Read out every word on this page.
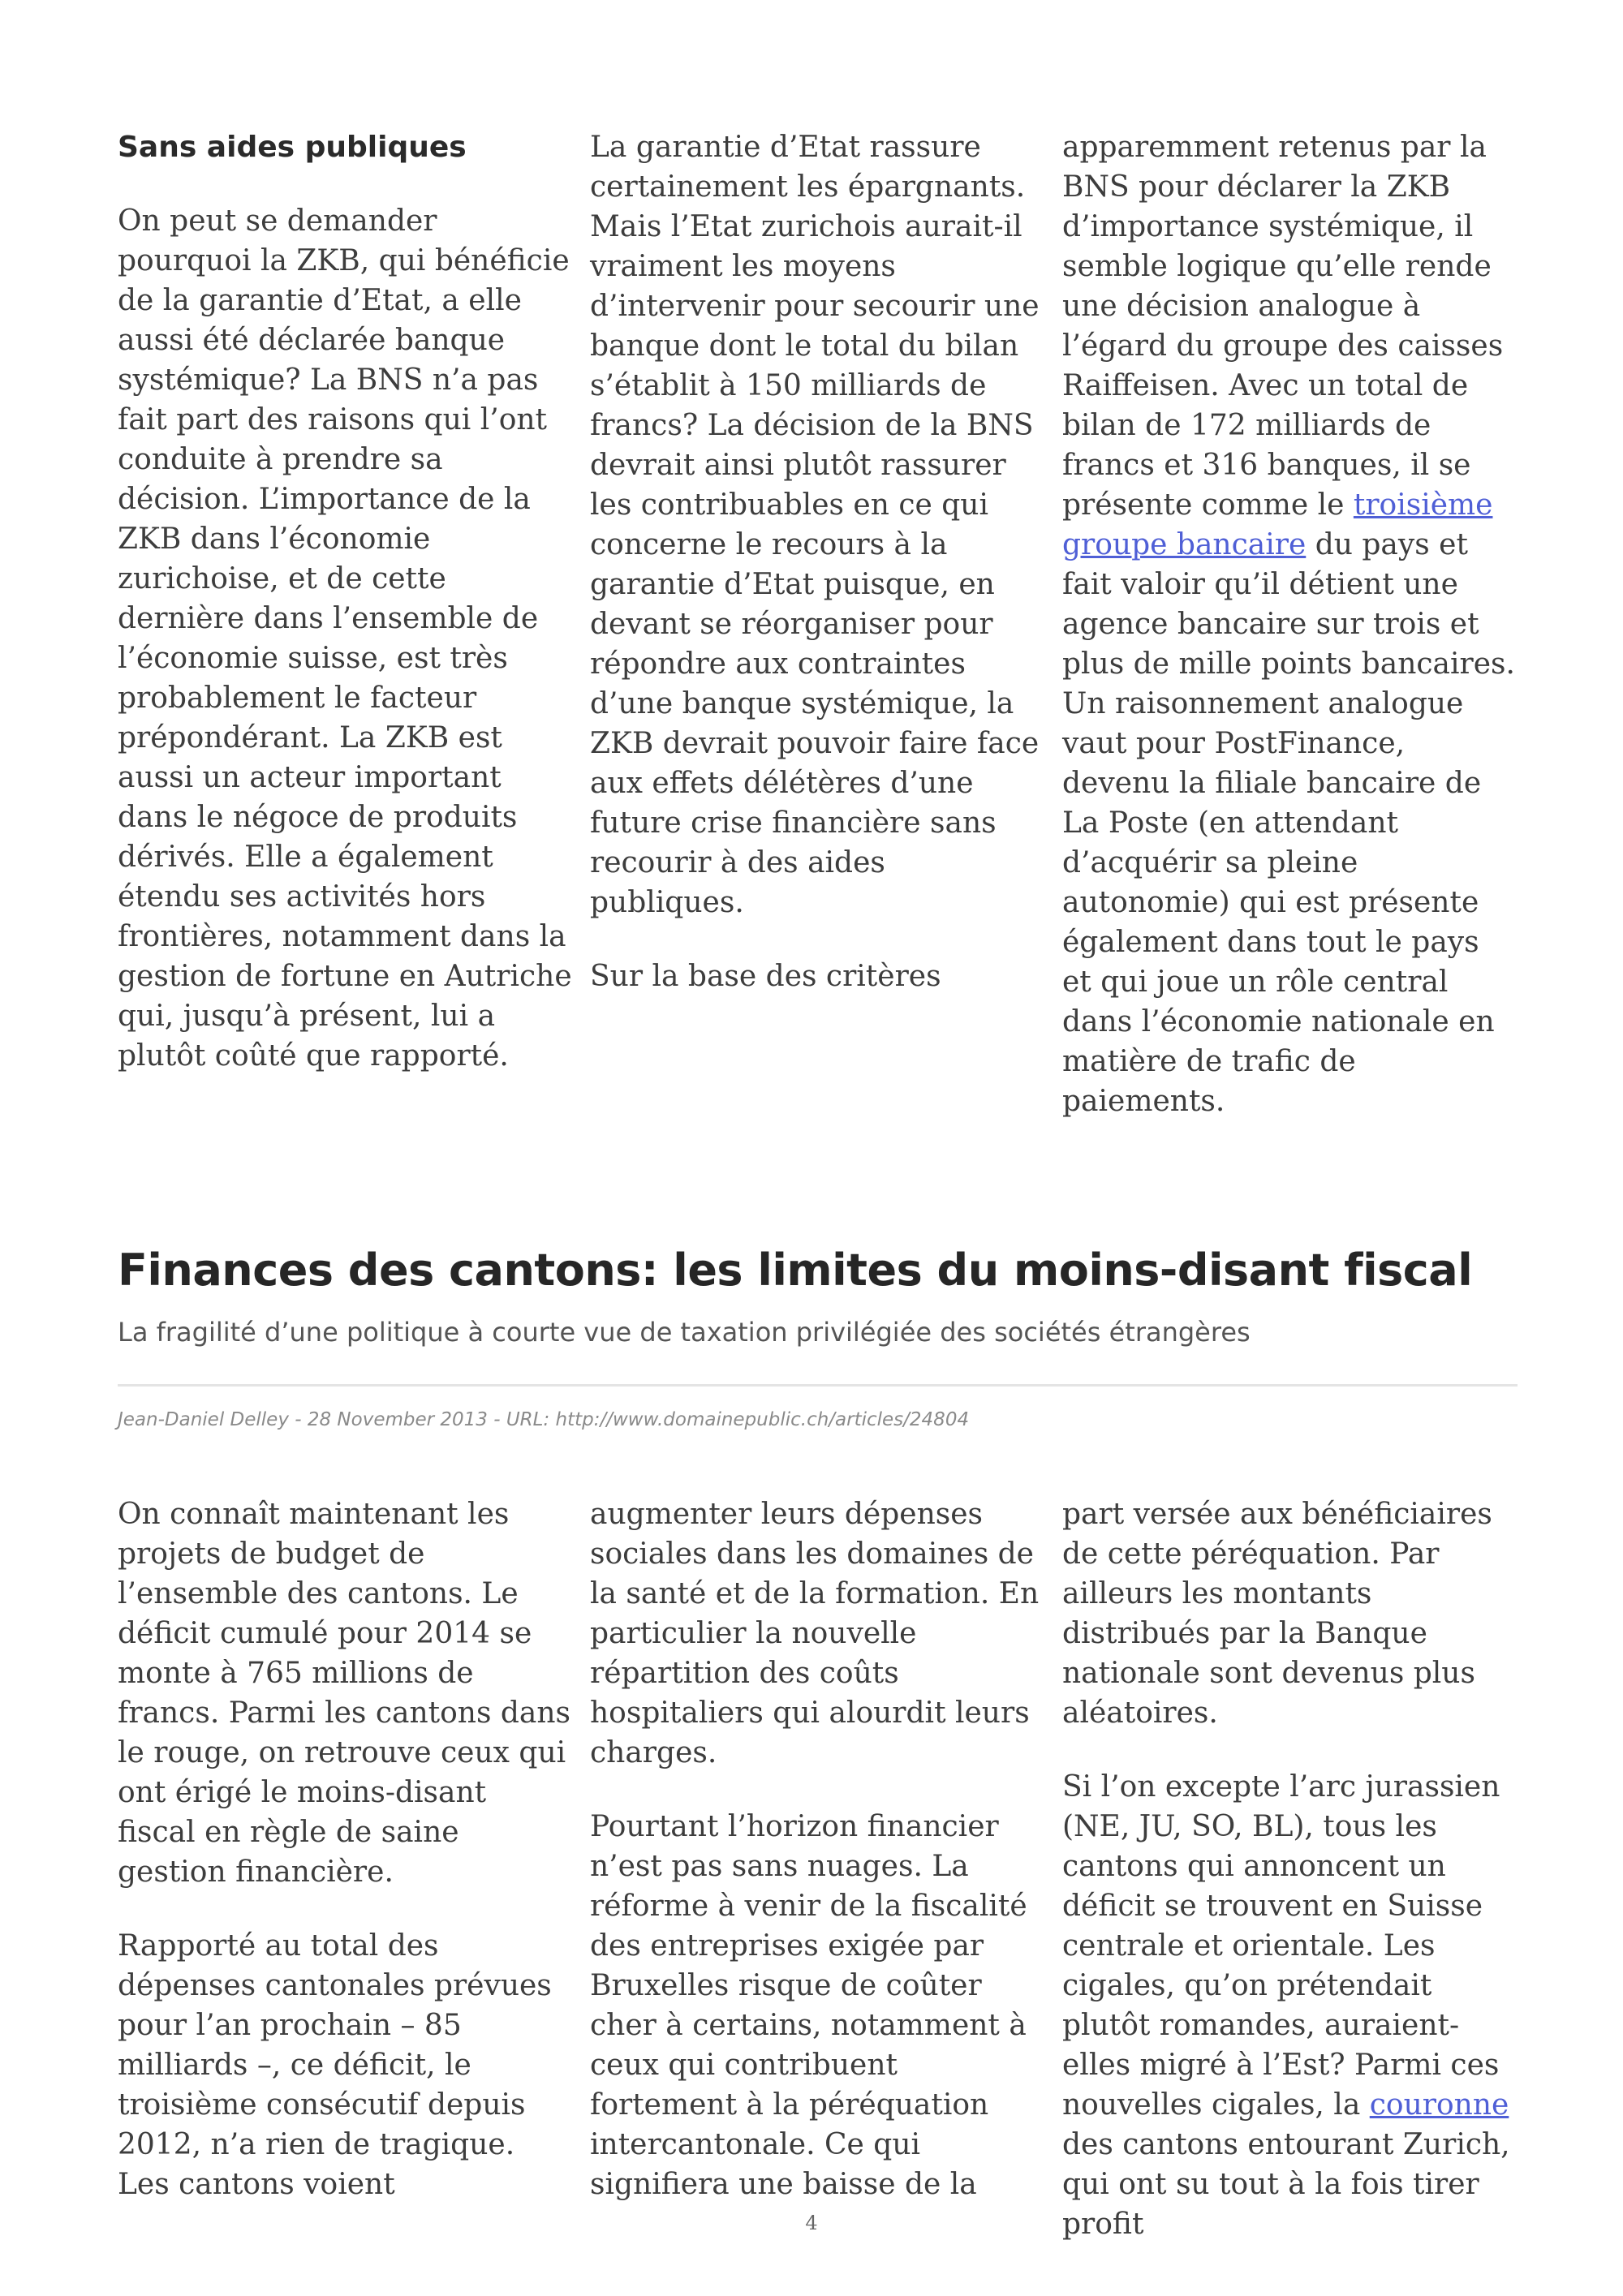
Sans aides publiques

On peut se demander pourquoi la ZKB, qui bénéficie de la garantie d’Etat, a elle aussi été déclarée banque systémique? La BNS n’a pas fait part des raisons qui l’ont conduite à prendre sa décision. L’importance de la ZKB dans l’économie zurichoise, et de cette dernière dans l’ensemble de l’économie suisse, est très probablement le facteur prépondérant. La ZKB est aussi un acteur important dans le négoce de produits dérivés. Elle a également étendu ses activités hors frontières, notamment dans la gestion de fortune en Autriche qui, jusqu’à présent, lui a plutôt coûté que rapporté.

La garantie d’Etat rassure certainement les épargnants. Mais l’Etat zurichois aurait-il vraiment les moyens d’intervenir pour secourir une banque dont le total du bilan s’établit à 150 milliards de francs? La décision de la BNS devrait ainsi plutôt rassurer les contribuables en ce qui concerne le recours à la garantie d’Etat puisque, en devant se réorganiser pour répondre aux contraintes d’une banque systémique, la ZKB devrait pouvoir faire face aux effets délétères d’une future crise financière sans recourir à des aides publiques.

Sur la base des critères

apparemment retenus par la BNS pour déclarer la ZKB d’importance systémique, il semble logique qu’elle rende une décision analogue à l’égard du groupe des caisses Raiffeisen. Avec un total de bilan de 172 milliards de francs et 316 banques, il se présente comme le troisième groupe bancaire du pays et fait valoir qu’il détient une agence bancaire sur trois et plus de mille points bancaires. Un raisonnement analogue vaut pour PostFinance, devenu la filiale bancaire de La Poste (en attendant d’acquérir sa pleine autonomie) qui est présente également dans tout le pays et qui joue un rôle central dans l’économie nationale en matière de trafic de paiements.

Finances des cantons: les limites du moins-disant fiscal

La fragilité d’une politique à courte vue de taxation privilégiée des sociétés étrangères

Jean-Daniel Delley - 28 November 2013 - URL: http://www.domainepublic.ch/articles/24804

On connaît maintenant les projets de budget de l’ensemble des cantons. Le déficit cumulé pour 2014 se monte à 765 millions de francs. Parmi les cantons dans le rouge, on retrouve ceux qui ont érigé le moins-disant fiscal en règle de saine gestion financière.

Rapporté au total des dépenses cantonales prévues pour l’an prochain – 85 milliards –, ce déficit, le troisième consécutif depuis 2012, n’a rien de tragique. Les cantons voient

augmenter leurs dépenses sociales dans les domaines de la santé et de la formation. En particulier la nouvelle répartition des coûts hospitaliers qui alourdit leurs charges.

Pourtant l’horizon financier n’est pas sans nuages. La réforme à venir de la fiscalité des entreprises exigée par Bruxelles risque de coûter cher à certains, notamment à ceux qui contribuent fortement à la péréquation intercantonale. Ce qui signifiera une baisse de la

part versée aux bénéficiaires de cette péréquation. Par ailleurs les montants distribués par la Banque nationale sont devenus plus aléatoires.

Si l’on excepte l’arc jurassien (NE, JU, SO, BL), tous les cantons qui annoncent un déficit se trouvent en Suisse centrale et orientale. Les cigales, qu’on prétendait plutôt romandes, auraient-elles migré à l’Est? Parmi ces nouvelles cigales, la couronne des cantons entourant Zurich, qui ont su tout à la fois tirer profit

4
